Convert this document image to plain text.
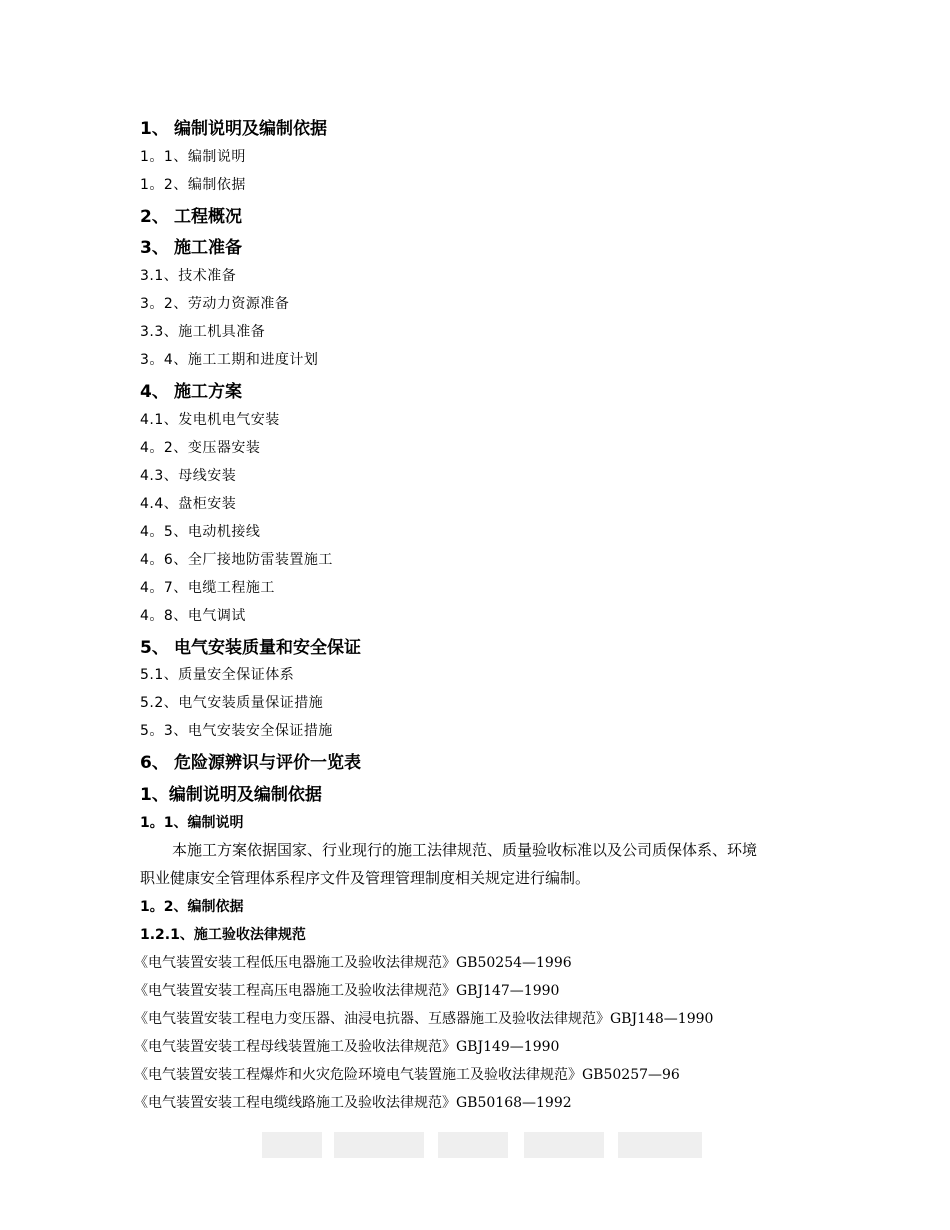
1、 编制说明及编制依据
1。1、编制说明
1。2、编制依据
2、 工程概况
3、 施工准备
3.1、技术准备
3。2、劳动力资源准备
3.3、施工机具准备
3。4、施工工期和进度计划
4、 施工方案
4.1、发电机电气安装
4。2、变压器安装
4.3、母线安装
4.4、盘柜安装
4。5、电动机接线
4。6、全厂接地防雷装置施工
4。7、电缆工程施工
4。8、电气调试
5、 电气安装质量和安全保证
5.1、质量安全保证体系
5.2、电气安装质量保证措施
5。3、电气安装安全保证措施
6、 危险源辨识与评价一览表
1、编制说明及编制依据
1。1、编制说明
本施工方案依据国家、行业现行的施工法律规范、质量验收标准以及公司质保体系、环境
职业健康安全管理体系程序文件及管理管理制度相关规定进行编制。
1。2、编制依据
1.2.1、施工验收法律规范
《电气装置安装工程低压电器施工及验收法律规范》GB50254—1996
《电气装置安装工程高压电器施工及验收法律规范》GBJ147—1990
《电气装置安装工程电力变压器、油浸电抗器、互感器施工及验收法律规范》GBJ148—1990
《电气装置安装工程母线装置施工及验收法律规范》GBJ149—1990
《电气装置安装工程爆炸和火灾危险环境电气装置施工及验收法律规范》GB50257—96
《电气装置安装工程电缆线路施工及验收法律规范》GB50168—1992
